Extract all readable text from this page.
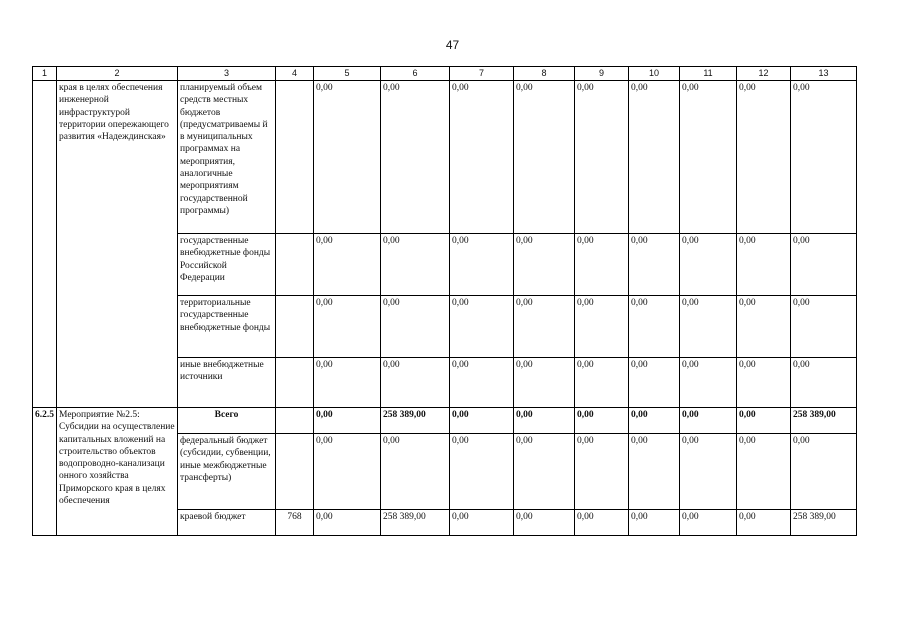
47
1	2	3	4	5	6	7	8	9	10	11	12	13
	края в целях обеспечения инженерной инфраструктурой территории опережающего развития «Надеждинская»	планируемый объем средств местных бюджетов (предусматриваемы й в муниципальных программах на мероприятия, аналогичные мероприятиям государственной программы)		0,00	0,00	0,00	0,00	0,00	0,00	0,00	0,00	0,00
		государственные внебюджетные фонды Российской Федерации		0,00	0,00	0,00	0,00	0,00	0,00	0,00	0,00	0,00
		территориальные государственные внебюджетные фонды		0,00	0,00	0,00	0,00	0,00	0,00	0,00	0,00	0,00
		иные внебюджетные источники		0,00	0,00	0,00	0,00	0,00	0,00	0,00	0,00	0,00
6.2.5	Мероприятие №2.5: Субсидии на осуществление капитальных вложений на строительство объектов водопроводно-канализаци онного хозяйства Приморского края в целях обеспечения	Всего		0,00	258 389,00	0,00	0,00	0,00	0,00	0,00	0,00	258 389,00
		федеральный бюджет (субсидии, субвенции, иные межбюджетные трансферты)		0,00	0,00	0,00	0,00	0,00	0,00	0,00	0,00	0,00
		краевой бюджет	768	0,00	258 389,00	0,00	0,00	0,00	0,00	0,00	0,00	258 389,00
